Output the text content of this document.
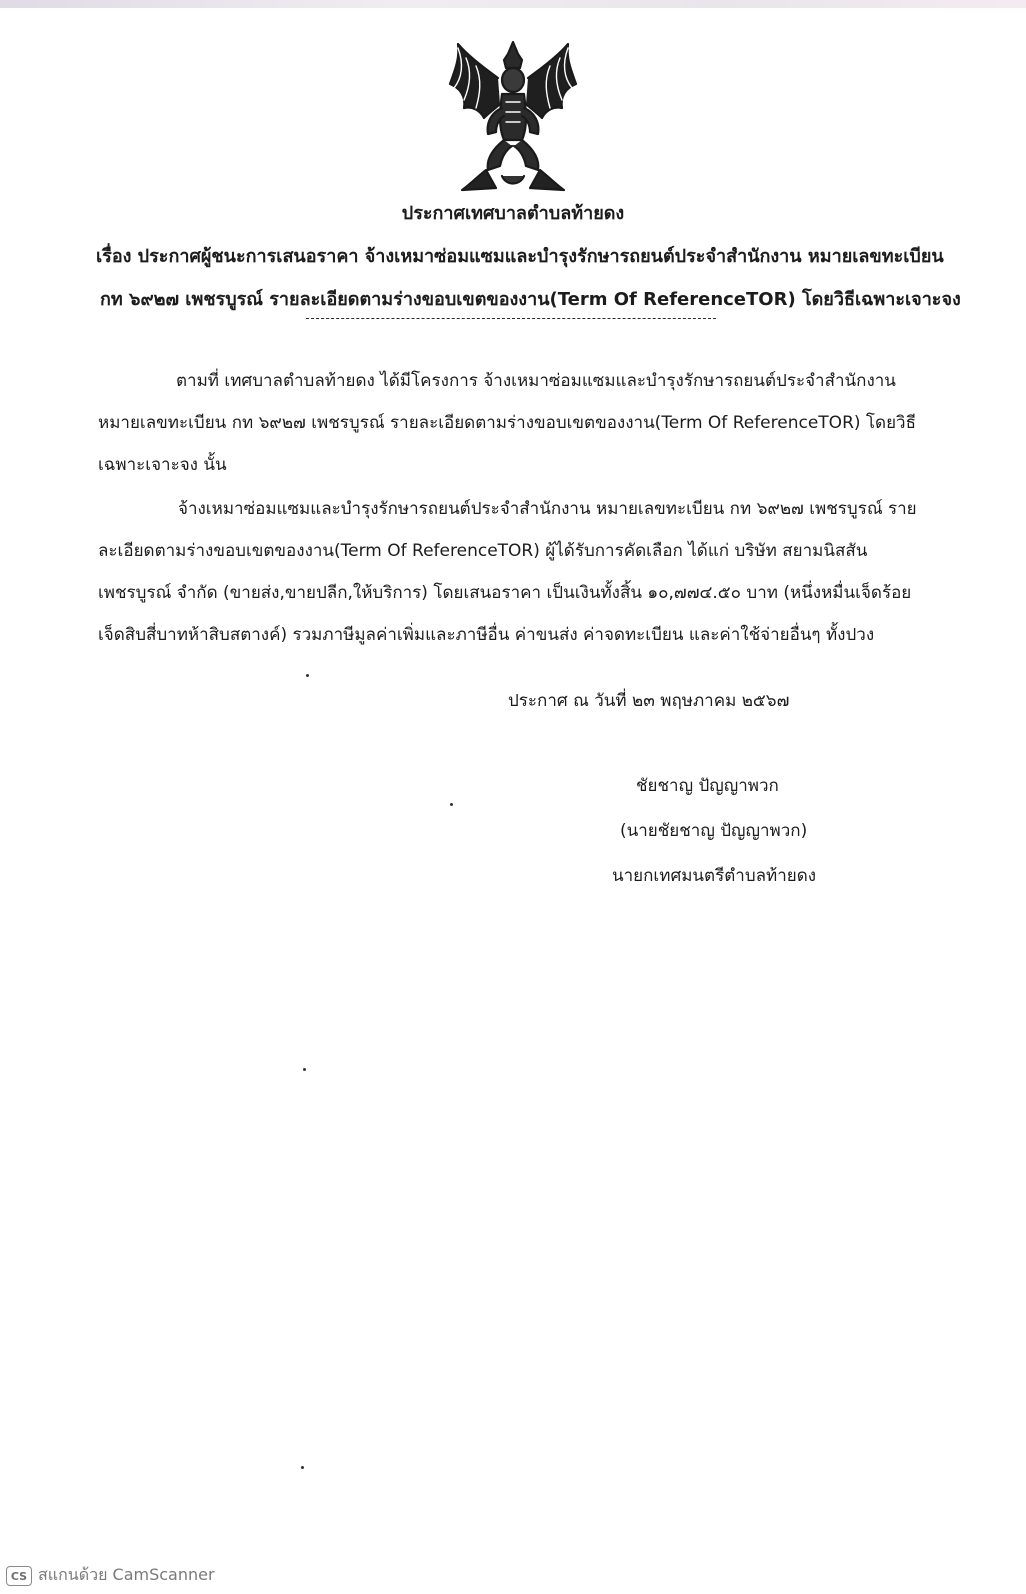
ประกาศเทศบาลตำบลท้ายดง
เรื่อง ประกาศผู้ชนะการเสนอราคา จ้างเหมาซ่อมแซมและบำรุงรักษารถยนต์ประจำสำนักงาน หมายเลขทะเบียน
กท ๖๙๒๗ เพชรบูรณ์ รายละเอียดตามร่างขอบเขตของงาน(Term Of ReferenceTOR) โดยวิธีเฉพาะเจาะจง
ตามที่ เทศบาลตำบลท้ายดง ได้มีโครงการ จ้างเหมาซ่อมแซมและบำรุงรักษารถยนต์ประจำสำนักงาน
หมายเลขทะเบียน กท ๖๙๒๗ เพชรบูรณ์ รายละเอียดตามร่างขอบเขตของงาน(Term Of ReferenceTOR) โดยวิธี
เฉพาะเจาะจง นั้น
จ้างเหมาซ่อมแซมและบำรุงรักษารถยนต์ประจำสำนักงาน หมายเลขทะเบียน กท ๖๙๒๗ เพชรบูรณ์ ราย
ละเอียดตามร่างขอบเขตของงาน(Term Of ReferenceTOR) ผู้ได้รับการคัดเลือก ได้แก่ บริษัท สยามนิสสัน
เพชรบูรณ์ จำกัด (ขายส่ง,ขายปลีก,ให้บริการ) โดยเสนอราคา เป็นเงินทั้งสิ้น ๑๐,๗๗๔.๕๐ บาท (หนึ่งหมื่นเจ็ดร้อย
เจ็ดสิบสี่บาทห้าสิบสตางค์) รวมภาษีมูลค่าเพิ่มและภาษีอื่น ค่าขนส่ง ค่าจดทะเบียน และค่าใช้จ่ายอื่นๆ ทั้งปวง
ประกาศ ณ วันที่ ๒๓ พฤษภาคม ๒๕๖๗
ชัยชาญ ปัญญาพวก
(นายชัยชาญ ปัญญาพวก)
นายกเทศมนตรีตำบลท้ายดง
CS สแกนด้วย CamScanner
